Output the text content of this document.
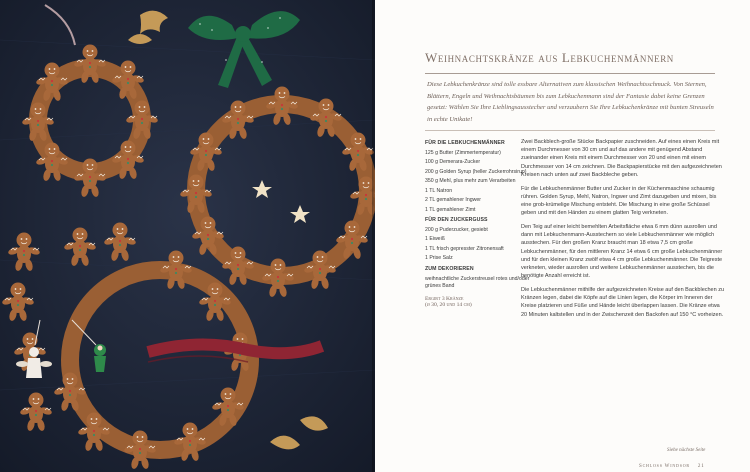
Weihnachtskränze aus Lebkuchenmännern
Diese Lebkuchenkränze sind tolle essbare Alternativen zum klassischen Weihnachtsschmuck. Von Sternen, Blättern, Engeln und Weihnachtsbäumen bis zum Lebkuchenmann sind der Fantasie dabei keine Grenzen gesetzt: Wählen Sie Ihre Lieblingsausstecher und verzaubern Sie Ihre Lebkuchenkränze mit bunten Streuseln in echte Unikate!
FÜR DIE LEBKUCHENMÄNNER
125 g Butter (Zimmertemperatur)
100 g Demerara-Zucker
200 g Golden Syrup (heller Zuckerrohrsirup)
350 g Mehl, plus mehr zum Verarbeiten
1 TL Natron
2 TL gemahlener Ingwer
1 TL gemahlener Zimt
FÜR DEN ZUCKERGUSS
200 g Puderzucker, gesiebt
1 Eiweiß
1 TL frisch gepresster Zitronensaft
1 Prise Salz
ZUM DEKORIEREN
weihnachtliche Zuckerstreusel rotes und/oder grünes Band
Ergibt 3 Kränze
(ø 30, 20 und 14 cm)

Zwei Backblech-große Stücke Backpapier zuschneiden. Auf eines einen Kreis mit einem Durchmesser von 30 cm und auf das andere mit genügend Abstand zueinander einen Kreis mit einem Durchmesser von 20 und einen mit einem Durchmesser von 14 cm zeichnen. Die Backpapierstücke mit den aufgezeichneten Kreisen nach unten auf zwei Backbleche geben.

Für die Lebkuchenmänner Butter und Zucker in der Küchenmaschine schaumig rühren. Golden Syrup, Mehl, Natron, Ingwer und Zimt dazugeben und mixen, bis eine grob-krümelige Mischung entsteht. Die Mischung in eine große Schüssel geben und mit den Händen zu einem glatten Teig verkneten.

Den Teig auf einer leicht bemehlten Arbeitsfläche etwa 6 mm dünn ausrollen und dann mit Lebkuchenmann-Ausstechern so viele Lebkuchenmänner wie möglich ausstechen. Für den großen Kranz braucht man 18 etwa 7,5 cm große Lebkuchenmänner, für den mittleren Kranz 14 etwa 6 cm große Lebkuchenmänner und für den kleinen Kranz zwölf etwa 4 cm große Lebkuchenmänner. Die Teigreste verkneten, wieder ausrollen und weitere Lebkuchenmänner ausstechen, bis die benötigte Anzahl erreicht ist.

Die Lebkuchenmänner mithilfe der aufgezeichneten Kreise auf den Backblechen zu Kränzen legen, dabei die Köpfe auf die Linien legen, die Körper im Inneren der Kreise platzieren und Füße und Hände leicht überlappen lassen. Die Kränze etwa 20 Minuten kaltstellen und in der Zwischenzeit den Backofen auf 150 °C vorheizen.

Siehe nächste Seite
Schloss Windsor 21
